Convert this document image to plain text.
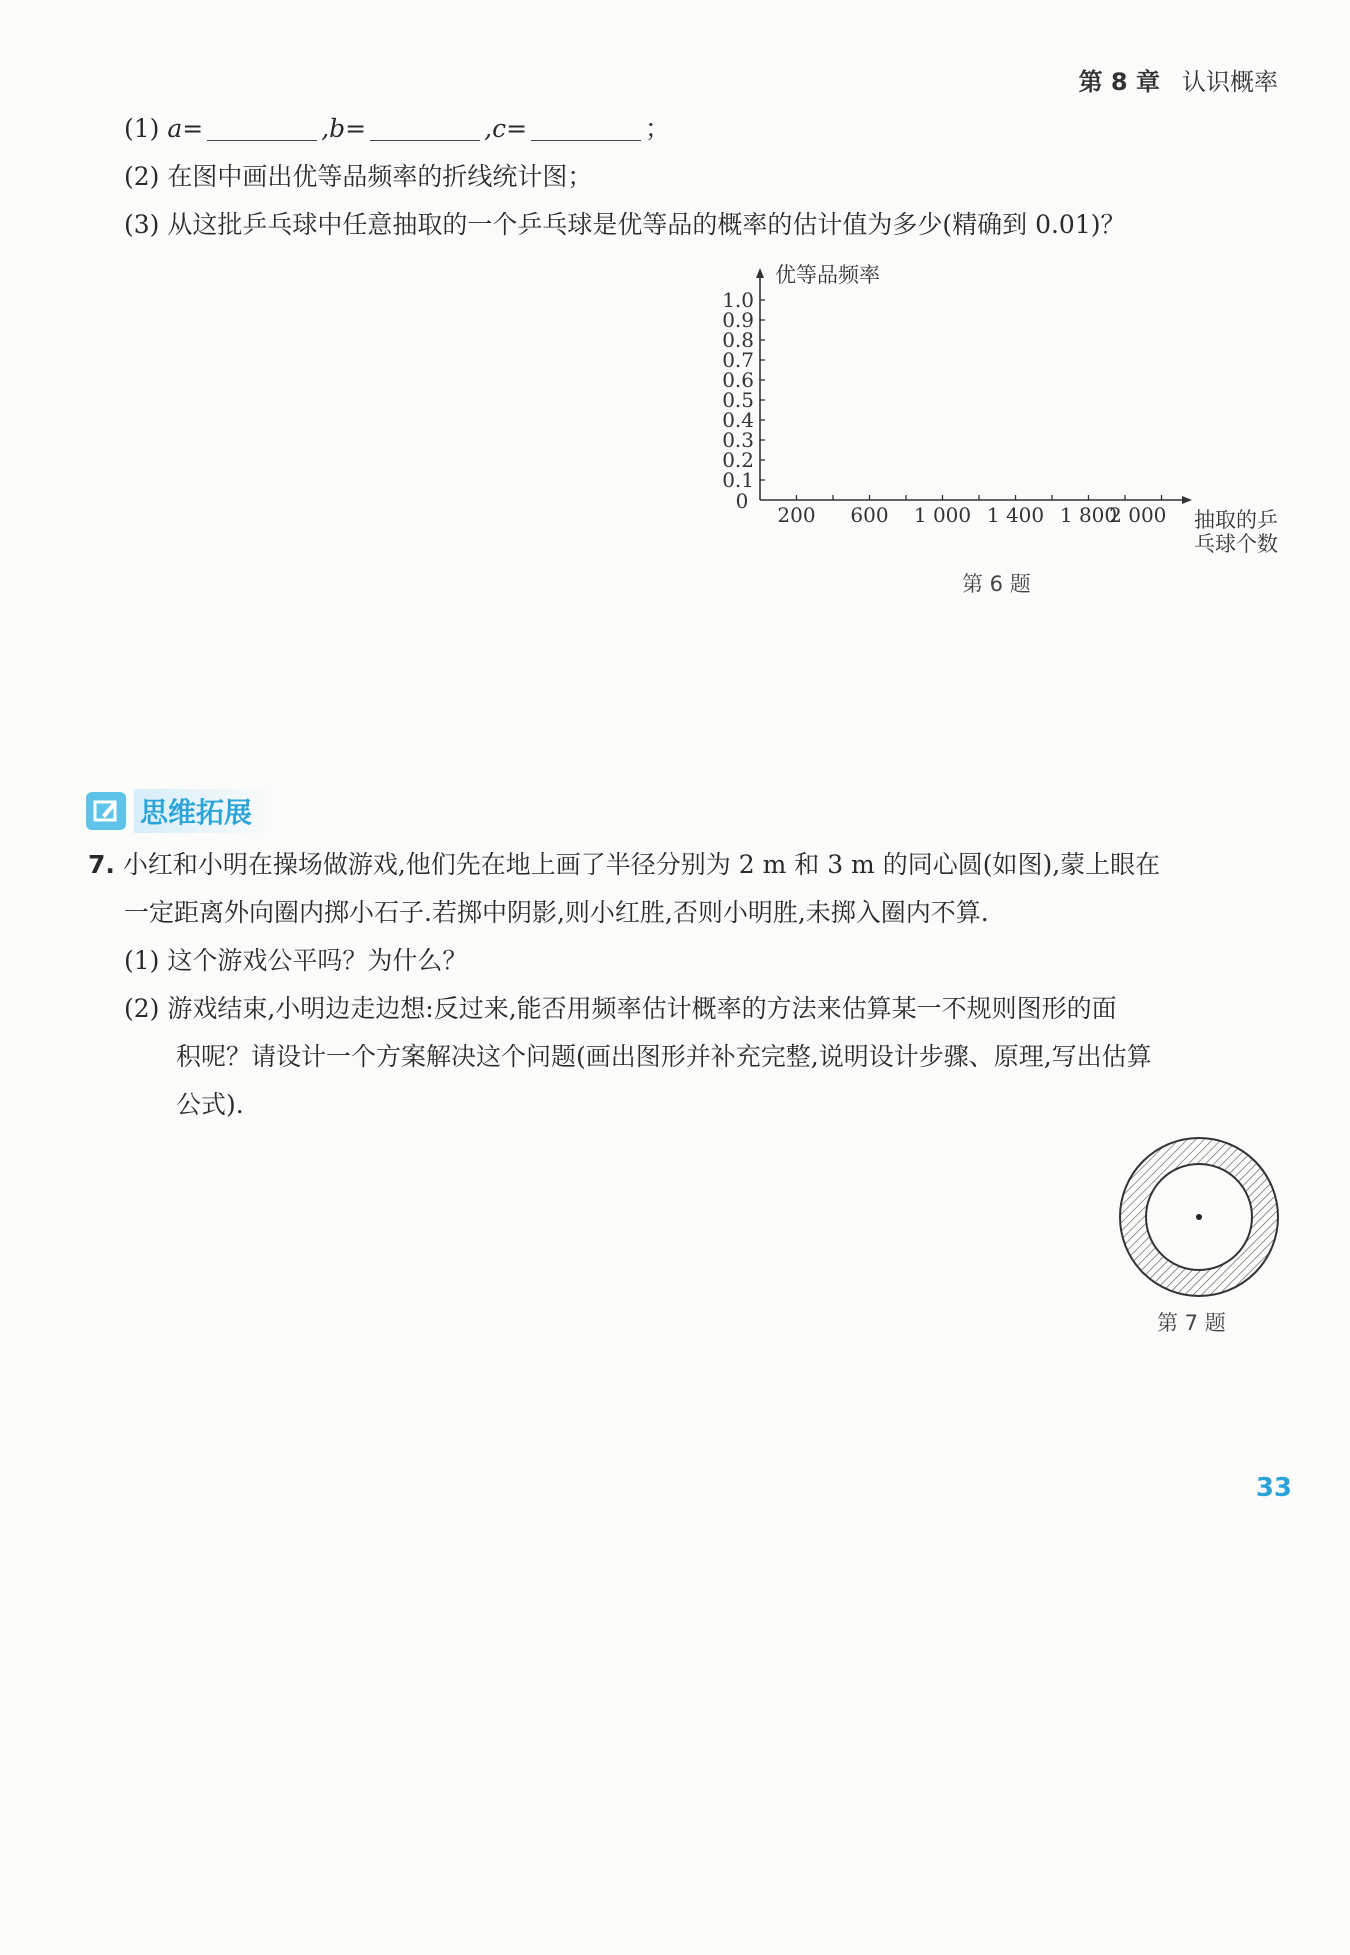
第 8 章 认识概率
(1) a=	,b=	,c=	；
(2) 在图中画出优等品频率的折线统计图；
(3) 从这批乒乓球中任意抽取的一个乒乓球是优等品的概率的估计值为多少(精确到 0.01)？
1.0
0.9
0.8
0.7
0.6
0.5
0.4
0.3
0.2
0.1
0
200 600 1 000 1 400 1 800
2 000
优等品频率
抽取的乒
乓球个数
第 6 题
思维拓展
7. 小红和小明在操场做游戏,他们先在地上画了半径分别为 2 m 和 3 m 的同心圆(如图),蒙上眼在
一定距离外向圈内掷小石子.若掷中阴影,则小红胜,否则小明胜,未掷入圈内不算.
(1) 这个游戏公平吗？为什么？
(2) 游戏结束,小明边走边想:反过来,能否用频率估计概率的方法来估算某一不规则图形的面
积呢？请设计一个方案解决这个问题(画出图形并补充完整,说明设计步骤、原理,写出估算
公式).
第 7 题
33
